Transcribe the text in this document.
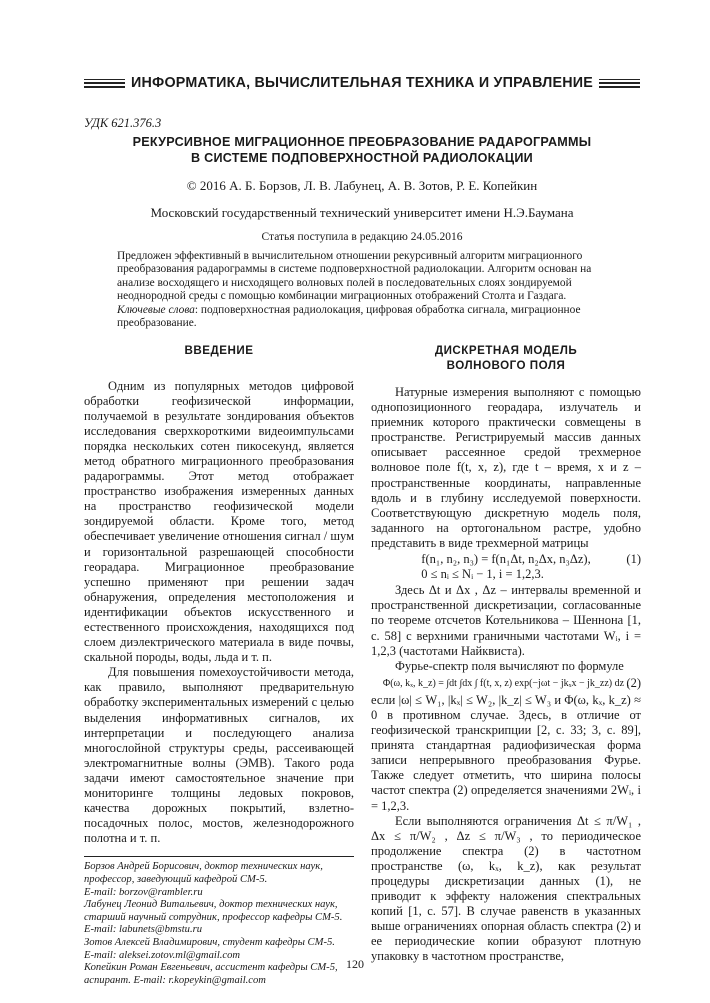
ИНФОРМАТИКА, ВЫЧИСЛИТЕЛЬНАЯ ТЕХНИКА И УПРАВЛЕНИЕ
УДК 621.376.3
РЕКУРСИВНОЕ МИГРАЦИОННОЕ ПРЕОБРАЗОВАНИЕ РАДАРОГРАММЫ
В СИСТЕМЕ ПОДПОВЕРХНОСТНОЙ РАДИОЛОКАЦИИ
© 2016 А. Б. Борзов, Л. В. Лабунец, А. В. Зотов, Р. Е. Копейкин
Московский государственный технический университет имени Н.Э.Баумана
Статья поступила в редакцию 24.05.2016

Предложен эффективный в вычислительном отношении рекурсивный алгоритм миграционного преобразования радарограммы в системе подповерхностной радиолокации. Алгоритм основан на анализе восходящего и нисходящего волновых полей в последовательных слоях зондируемой неоднородной среды с помощью комбинации миграционных отображений Столта и Газдага.

Ключевые слова: подповерхностная радиолокация, цифровая обработка сигнала, миграционное преобразование.

ВВЕДЕНИЕ

Одним из популярных методов цифровой обработки геофизической информации, получаемой в результате зондирования объектов исследования сверхкороткими видеоимпульсами порядка нескольких сотен пикосекунд, является метод обратного миграционного преобразования радарограммы. Этот метод отображает пространство изображения измеренных данных на пространство геофизической модели зондируемой области. Кроме того, метод обеспечивает увеличение отношения сигнал / шум и горизонтальной разрешающей способности георадара. Миграционное преобразование успешно применяют при решении задач обнаружения, определения местоположения и идентификации объектов искусственного и естественного происхождения, находящихся под слоем диэлектрического материала в виде почвы, скальной породы, воды, льда и т. п.

Для повышения помехоустойчивости метода, как правило, выполняют предварительную обработку экспериментальных измерений с целью выделения информативных сигналов, их интерпретации и последующего анализа многослойной структуры среды, рассеивающей электромагнитные волны (ЭМВ). Такого рода задачи имеют самостоятельное значение при мониторинге толщины ледовых покровов, качества дорожных покрытий, взлетно-посадочных полос, мостов, железнодорожного полотна и т. п.

Борзов Андрей Борисович, доктор технических наук, профессор, заведующий кафедрой СМ-5.
E-mail: borzov@rambler.ru
Лабунец Леонид Витальевич, доктор технических наук, старший научный сотрудник, профессор кафедры СМ-5.
E-mail: labunets@bmstu.ru
Зотов Алексей Владимирович, студент кафедры СМ-5.
E-mail: aleksei.zotov.ml@gmail.com
Копейкин Роман Евгеньевич, ассистент кафедры СМ-5, аспирант. E-mail: r.kopeykin@gmail.com
ДИСКРЕТНАЯ МОДЕЛЬ
ВОЛНОВОГО ПОЛЯ

Натурные измерения выполняют с помощью однопозиционного георадара, излучатель и приемник которого практически совмещены в пространстве. Регистрируемый массив данных описывает рассеянное средой трехмерное волновое поле f(t, x, z), где t – время, x и z – пространственные координаты, направленные вдоль и в глубину исследуемой поверхности. Соответствующую дискретную модель поля, заданного на ортогональном растре, удобно представить в виде трехмерной матрицы

f(n₁, n₂, n₃) = f(n₁Δt, n₂Δx, n₃Δz),
0 ≤ nᵢ ≤ Nᵢ − 1, i = 1,2,3.
(1)

Здесь Δt и Δx , Δz – интервалы временной и пространственной дискретизации, согласованные по теореме отсчетов Котельникова – Шеннона [1, с. 58] с верхними граничными частотами Wᵢ, i = 1,2,3 (частотами Найквиста).

Фурье-спектр поля вычисляют по формуле

Φ(ω, kₓ, k_z) = ∫dt ∫dx ∫ f(t, x, z) exp(−jωt − jkₓx − jk_zz) dz ,
(2)

если |ω| ≤ W₁, |kₓ| ≤ W₂, |k_z| ≤ W₃ и Φ(ω, kₓ, k_z) ≈ 0 в противном случае. Здесь, в отличие от геофизической транскрипции [2, с. 33; 3, с. 89], принята стандартная радиофизическая форма записи непрерывного преобразования Фурье. Также следует отметить, что ширина полосы частот спектра (2) определяется значениями 2Wᵢ, i = 1,2,3.

Если выполняются ограничения Δt ≤ π/W₁ , Δx ≤ π/W₂ , Δz ≤ π/W₃ , то периодическое продолжение спектра (2) в частотном пространстве (ω, kₓ, k_z), как результат процедуры дискретизации данных (1), не приводит к эффекту наложения спектральных копий [1, с. 57]. В случае равенств в указанных выше ограничениях опорная область спектра (2) и ее периодические копии образуют плотную упаковку в частотном пространстве,

120
